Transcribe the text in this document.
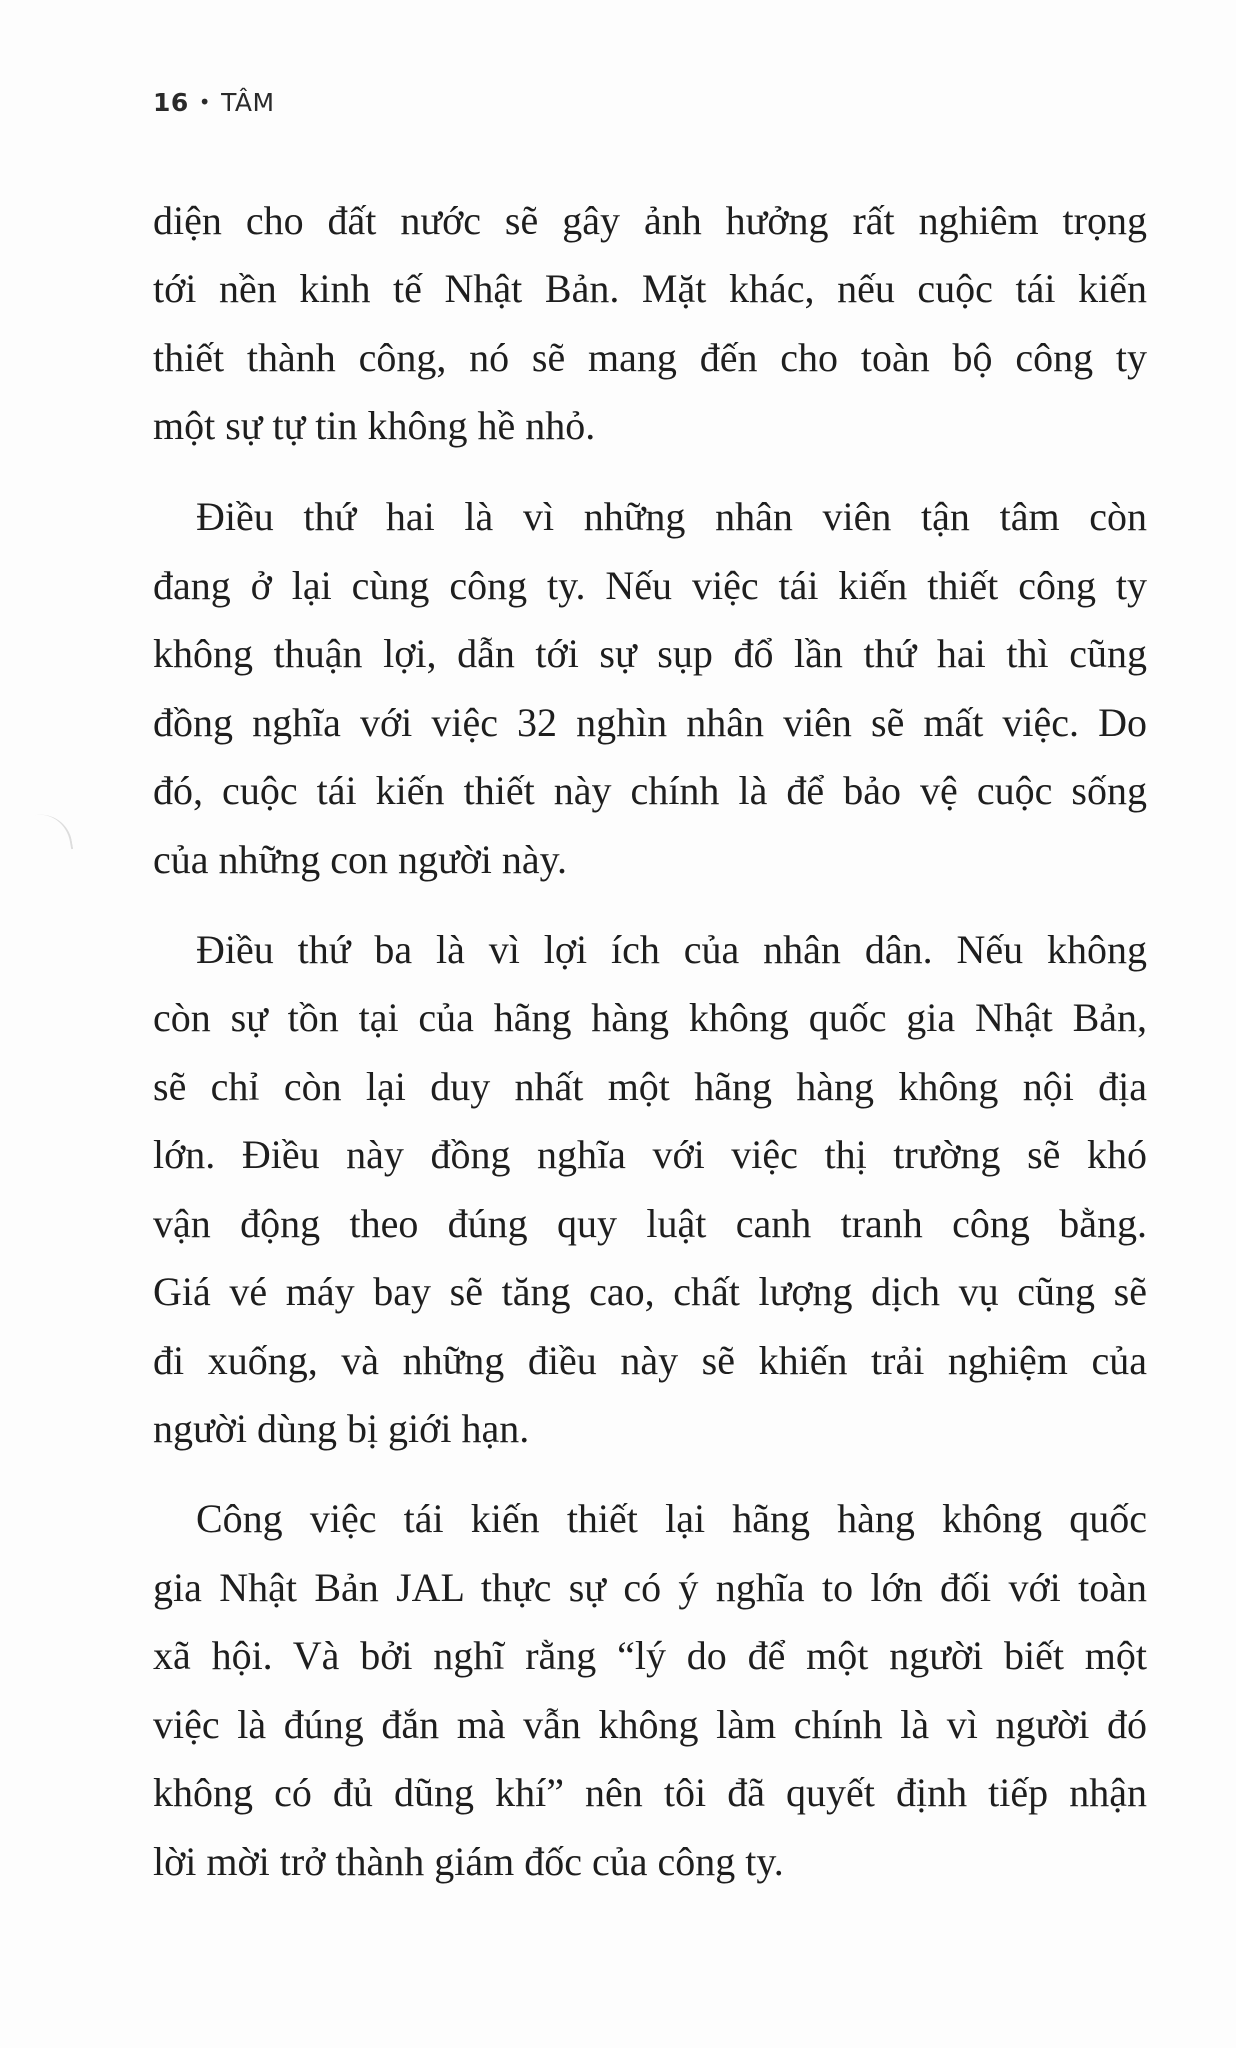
16 • TÂM
diện cho đất nước sẽ gây ảnh hưởng rất nghiêm trọng
tới nền kinh tế Nhật Bản. Mặt khác, nếu cuộc tái kiến
thiết thành công, nó sẽ mang đến cho toàn bộ công ty
một sự tự tin không hề nhỏ.
Điều thứ hai là vì những nhân viên tận tâm còn
đang ở lại cùng công ty. Nếu việc tái kiến thiết công ty
không thuận lợi, dẫn tới sự sụp đổ lần thứ hai thì cũng
đồng nghĩa với việc 32 nghìn nhân viên sẽ mất việc. Do
đó, cuộc tái kiến thiết này chính là để bảo vệ cuộc sống
của những con người này.
Điều thứ ba là vì lợi ích của nhân dân. Nếu không
còn sự tồn tại của hãng hàng không quốc gia Nhật Bản,
sẽ chỉ còn lại duy nhất một hãng hàng không nội địa
lớn. Điều này đồng nghĩa với việc thị trường sẽ khó
vận động theo đúng quy luật canh tranh công bằng.
Giá vé máy bay sẽ tăng cao, chất lượng dịch vụ cũng sẽ
đi xuống, và những điều này sẽ khiến trải nghiệm của
người dùng bị giới hạn.
Công việc tái kiến thiết lại hãng hàng không quốc
gia Nhật Bản JAL thực sự có ý nghĩa to lớn đối với toàn
xã hội. Và bởi nghĩ rằng “lý do để một người biết một
việc là đúng đắn mà vẫn không làm chính là vì người đó
không có đủ dũng khí” nên tôi đã quyết định tiếp nhận
lời mời trở thành giám đốc của công ty.
